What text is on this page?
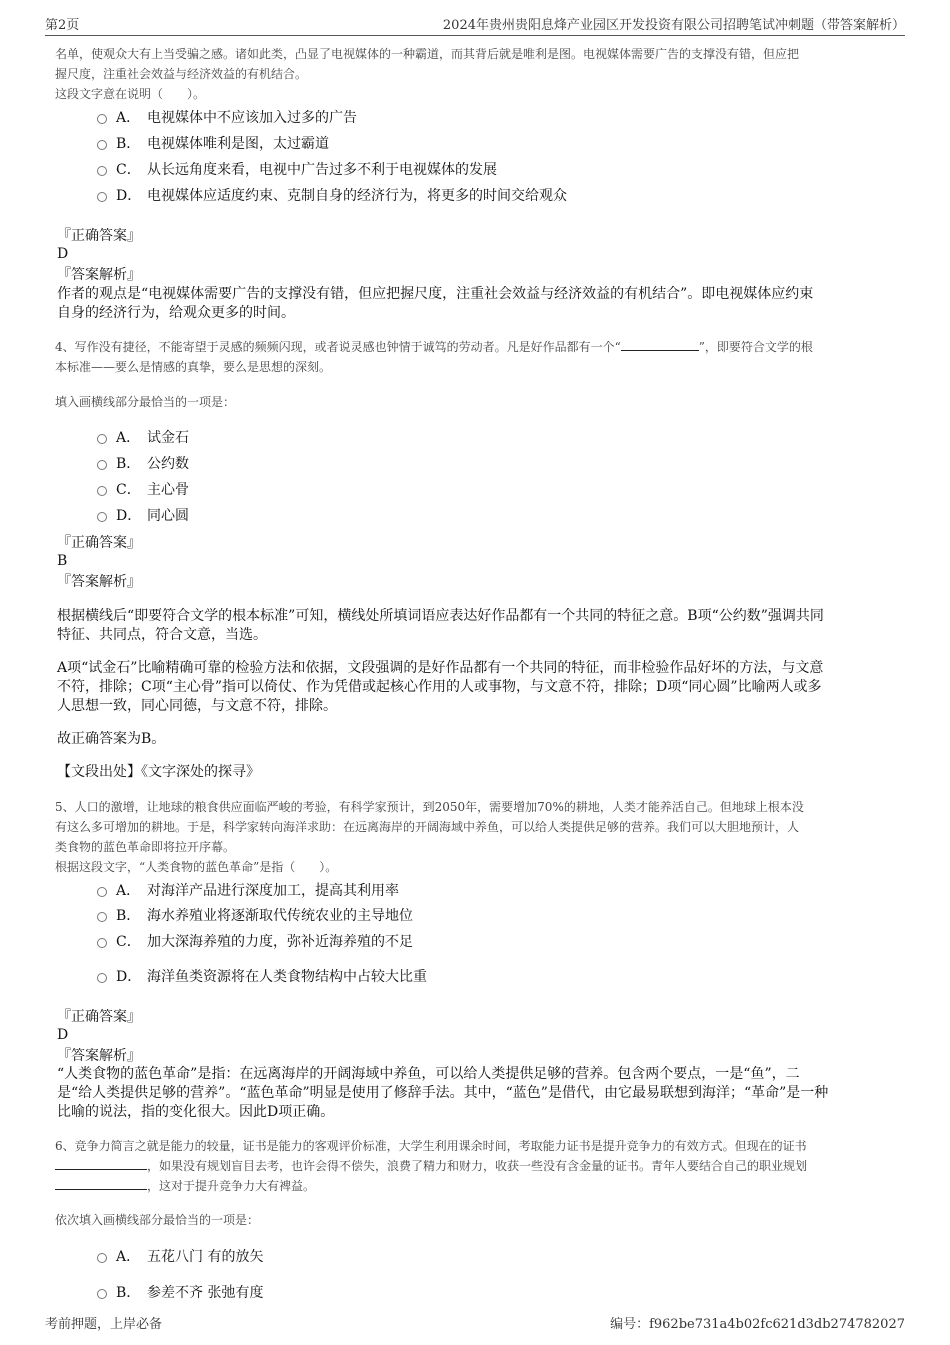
第2页	2024年贵州贵阳息烽产业园区开发投资有限公司招聘笔试冲刺题（带答案解析）
名单，使观众大有上当受骗之感。诸如此类，凸显了电视媒体的一种霸道，而其背后就是唯利是图。电视媒体需要广告的支撑没有错，但应把
握尺度，注重社会效益与经济效益的有机结合。
这段文字意在说明（　　）。
A． 电视媒体中不应该加入过多的广告
B． 电视媒体唯利是图，太过霸道
C． 从长远角度来看，电视中广告过多不利于电视媒体的发展
D． 电视媒体应适度约束、克制自身的经济行为，将更多的时间交给观众
『正确答案』
D
『答案解析』
作者的观点是“电视媒体需要广告的支撑没有错，但应把握尺度，注重社会效益与经济效益的有机结合”。即电视媒体应约束
自身的经济行为，给观众更多的时间。
4、写作没有捷径，不能寄望于灵感的频频闪现，或者说灵感也钟情于诚笃的劳动者。凡是好作品都有一个“	”，即要符合文学的根
本标准——要么是情感的真挚，要么是思想的深刻。
填入画横线部分最恰当的一项是：
A． 试金石
B． 公约数
C． 主心骨
D． 同心圆
『正确答案』
B
『答案解析』
根据横线后“即要符合文学的根本标准”可知，横线处所填词语应表达好作品都有一个共同的特征之意。B项“公约数”强调共同
特征、共同点，符合文意，当选。
A项“试金石”比喻精确可靠的检验方法和依据，文段强调的是好作品都有一个共同的特征，而非检验作品好坏的方法，与文意
不符，排除；C项“主心骨”指可以倚仗、作为凭借或起核心作用的人或事物，与文意不符，排除；D项“同心圆”比喻两人或多
人思想一致，同心同德，与文意不符，排除。
故正确答案为B。
【文段出处】《文字深处的探寻》
5、人口的激增，让地球的粮食供应面临严峻的考验，有科学家预计，到2050年，需要增加70%的耕地，人类才能养活自己。但地球上根本没
有这么多可增加的耕地。于是，科学家转向海洋求助：在远离海岸的开阔海域中养鱼，可以给人类提供足够的营养。我们可以大胆地预计，人
类食物的蓝色革命即将拉开序幕。
根据这段文字，“人类食物的蓝色革命”是指（　　）。
A． 对海洋产品进行深度加工，提高其利用率
B． 海水养殖业将逐渐取代传统农业的主导地位
C． 加大深海养殖的力度，弥补近海养殖的不足
D． 海洋鱼类资源将在人类食物结构中占较大比重
『正确答案』
D
『答案解析』
“人类食物的蓝色革命”是指：在远离海岸的开阔海域中养鱼，可以给人类提供足够的营养。包含两个要点，一是“鱼”，二
是“给人类提供足够的营养”。“蓝色革命”明显是使用了修辞手法。其中，“蓝色”是借代，由它最易联想到海洋；“革命”是一种
比喻的说法，指的变化很大。因此D项正确。
6、竞争力简言之就是能力的较量，证书是能力的客观评价标准，大学生利用课余时间，考取能力证书是提升竞争力的有效方式。但现在的证书
，如果没有规划盲目去考，也许会得不偿失，浪费了精力和财力，收获一些没有含金量的证书。青年人要结合自己的职业规划
，这对于提升竞争力大有裨益。
依次填入画横线部分最恰当的一项是：
A． 五花八门 有的放矢
B． 参差不齐 张弛有度
考前押题，上岸必备	编号：f962be731a4b02fc621d3db274782027
